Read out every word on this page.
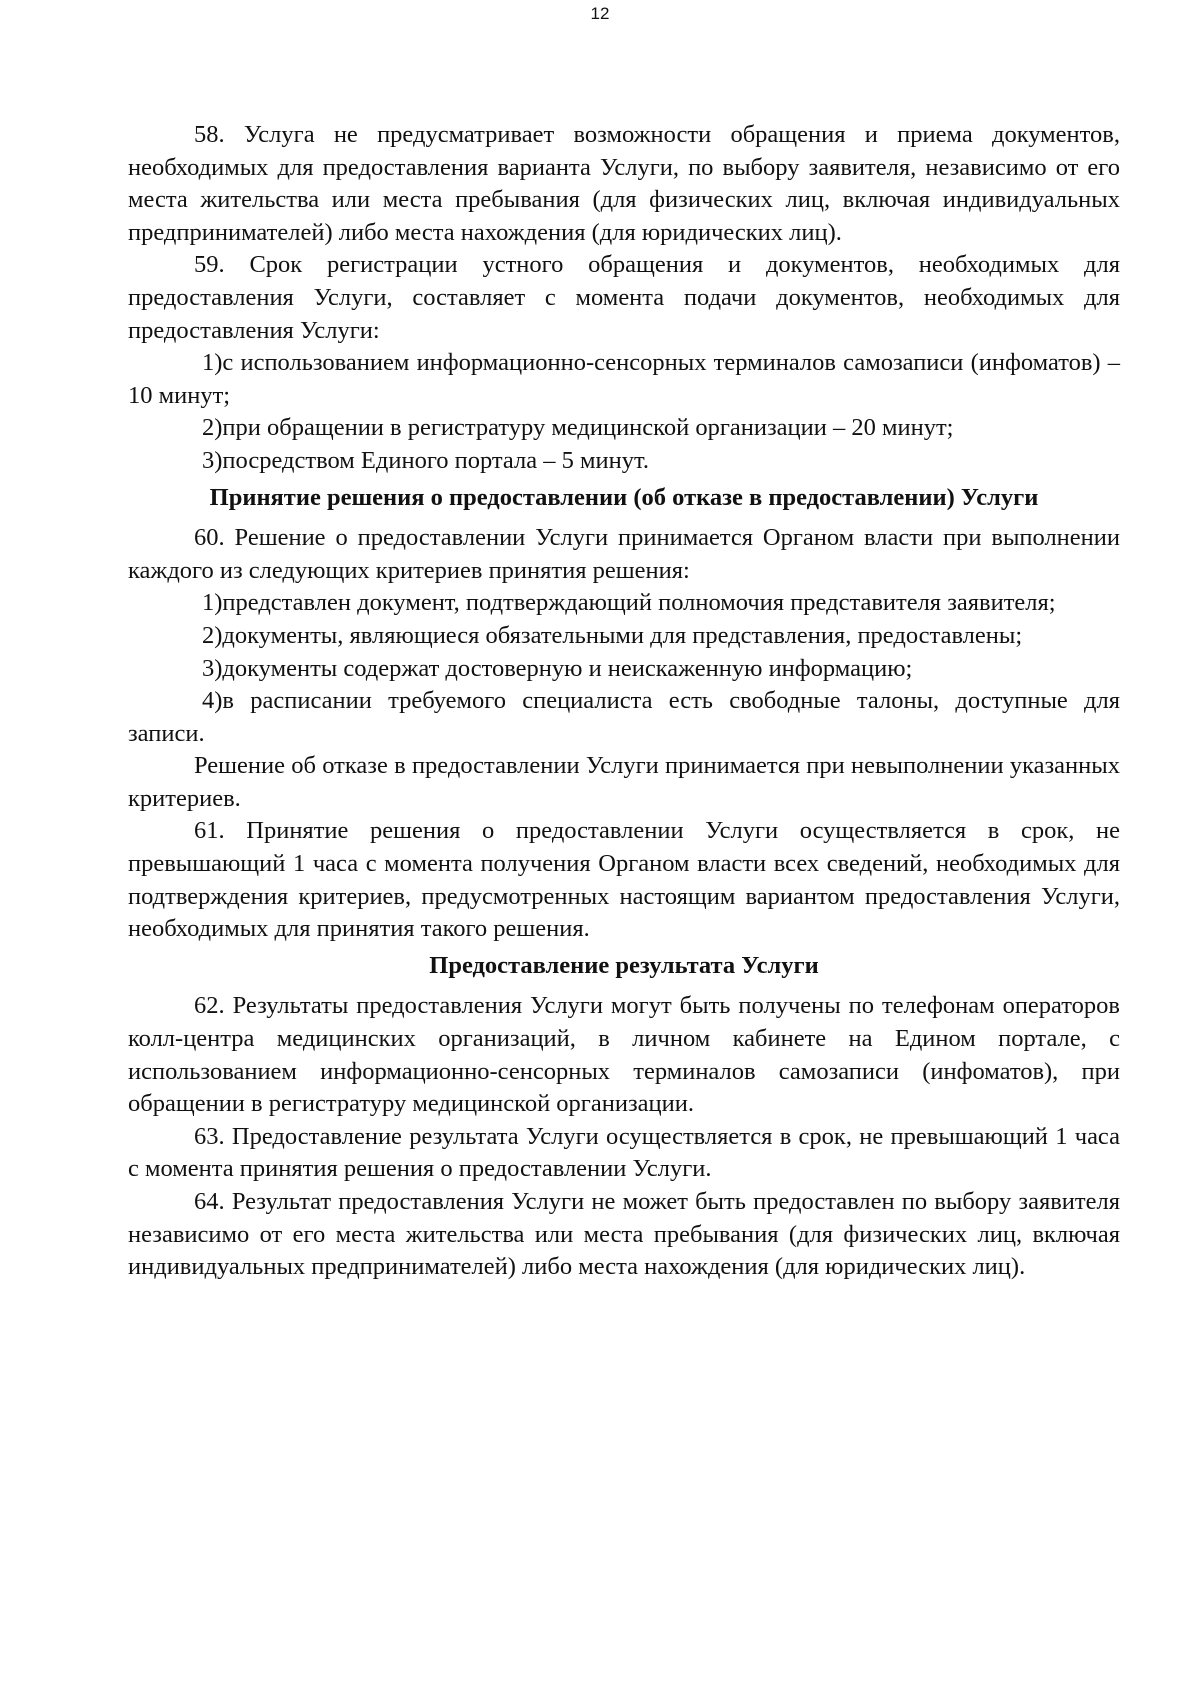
12

58. Услуга не предусматривает возможности обращения и приема документов, необходимых для предоставления варианта Услуги, по выбору заявителя, независимо от его места жительства или места пребывания (для физических лиц, включая индивидуальных предпринимателей) либо места нахождения (для юридических лиц).

59. Срок регистрации устного обращения и документов, необходимых для предоставления Услуги, составляет с момента подачи документов, необходимых для предоставления Услуги:

1)с использованием информационно-сенсорных терминалов самозаписи (инфоматов) – 10 минут;

2)при обращении в регистратуру медицинской организации – 20 минут;

3)посредством Единого портала – 5 минут.

Принятие решения о предоставлении (об отказе в предоставлении) Услуги

60. Решение о предоставлении Услуги принимается Органом власти при выполнении каждого из следующих критериев принятия решения:

1)представлен документ, подтверждающий полномочия представителя заявителя;

2)документы, являющиеся обязательными для представления, предоставлены;

3)документы содержат достоверную и неискаженную информацию;

4)в расписании требуемого специалиста есть свободные талоны, доступные для записи.

Решение об отказе в предоставлении Услуги принимается при невыполнении указанных критериев.

61. Принятие решения о предоставлении Услуги осуществляется в срок, не превышающий 1 часа с момента получения Органом власти всех сведений, необходимых для подтверждения критериев, предусмотренных настоящим вариантом предоставления Услуги, необходимых для принятия такого решения.

Предоставление результата Услуги

62. Результаты предоставления Услуги могут быть получены по телефонам операторов колл-центра медицинских организаций, в личном кабинете на Едином портале, с использованием информационно-сенсорных терминалов самозаписи (инфоматов), при обращении в регистратуру медицинской организации.

63. Предоставление результата Услуги осуществляется в срок, не превышающий 1 часа с момента принятия решения о предоставлении Услуги.

64. Результат предоставления Услуги не может быть предоставлен по выбору заявителя независимо от его места жительства или места пребывания (для физических лиц, включая индивидуальных предпринимателей) либо места нахождения (для юридических лиц).
